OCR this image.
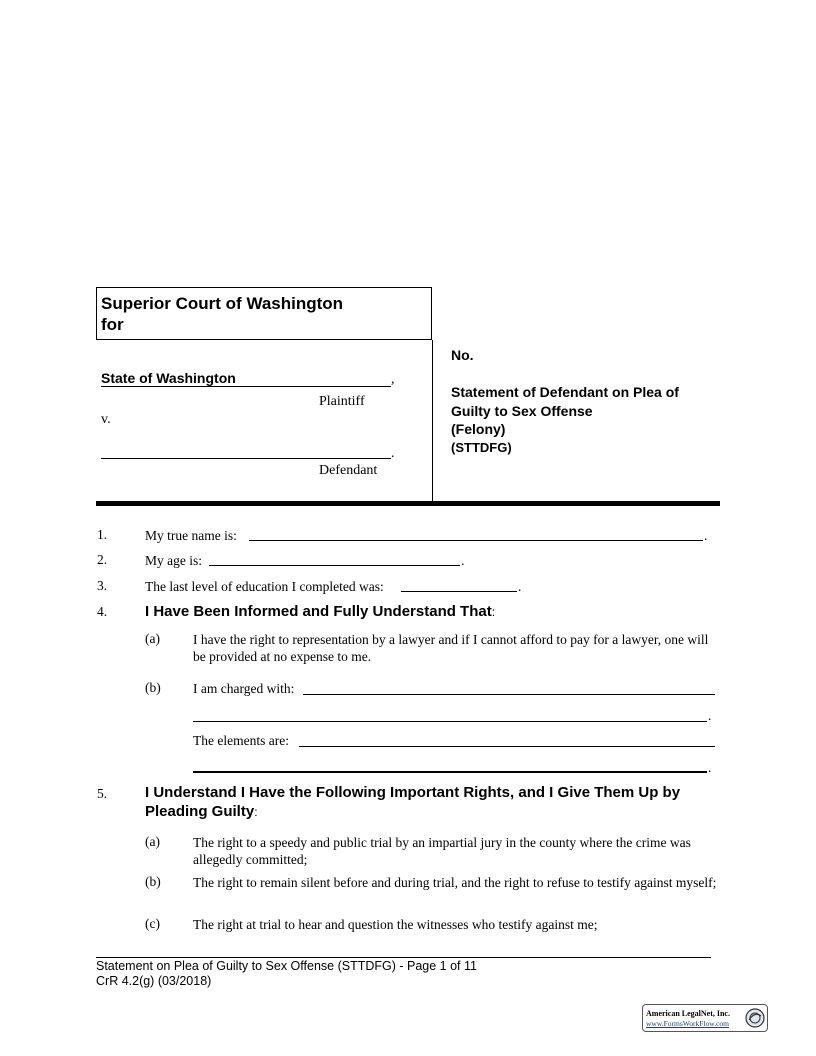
Superior Court of Washington
for
State of Washington	,
Plaintiff
v.
.
Defendant
No.
Statement of Defendant on Plea of
Guilty to Sex Offense
(Felony)
(STTDFG)
1.	My true name is:	.
2.	My age is:	.
3.	The last level of education I completed was:	.
4.	I Have Been Informed and Fully Understand That:
(a) I have the right to representation by a lawyer and if I cannot afford to pay for a lawyer, one will be provided at no expense to me.
(b) I am charged with:
.
The elements are:
.
5.	I Understand I Have the Following Important Rights, and I Give Them Up by Pleading Guilty:
(a) The right to a speedy and public trial by an impartial jury in the county where the crime was allegedly committed;
(b) The right to remain silent before and during trial, and the right to refuse to testify against myself;
(c) The right at trial to hear and question the witnesses who testify against me;
Statement on Plea of Guilty to Sex Offense (STTDFG) - Page 1 of 11
CrR 4.2(g) (03/2018)
American LegalNet, Inc.
www.FormsWorkFlow.com
